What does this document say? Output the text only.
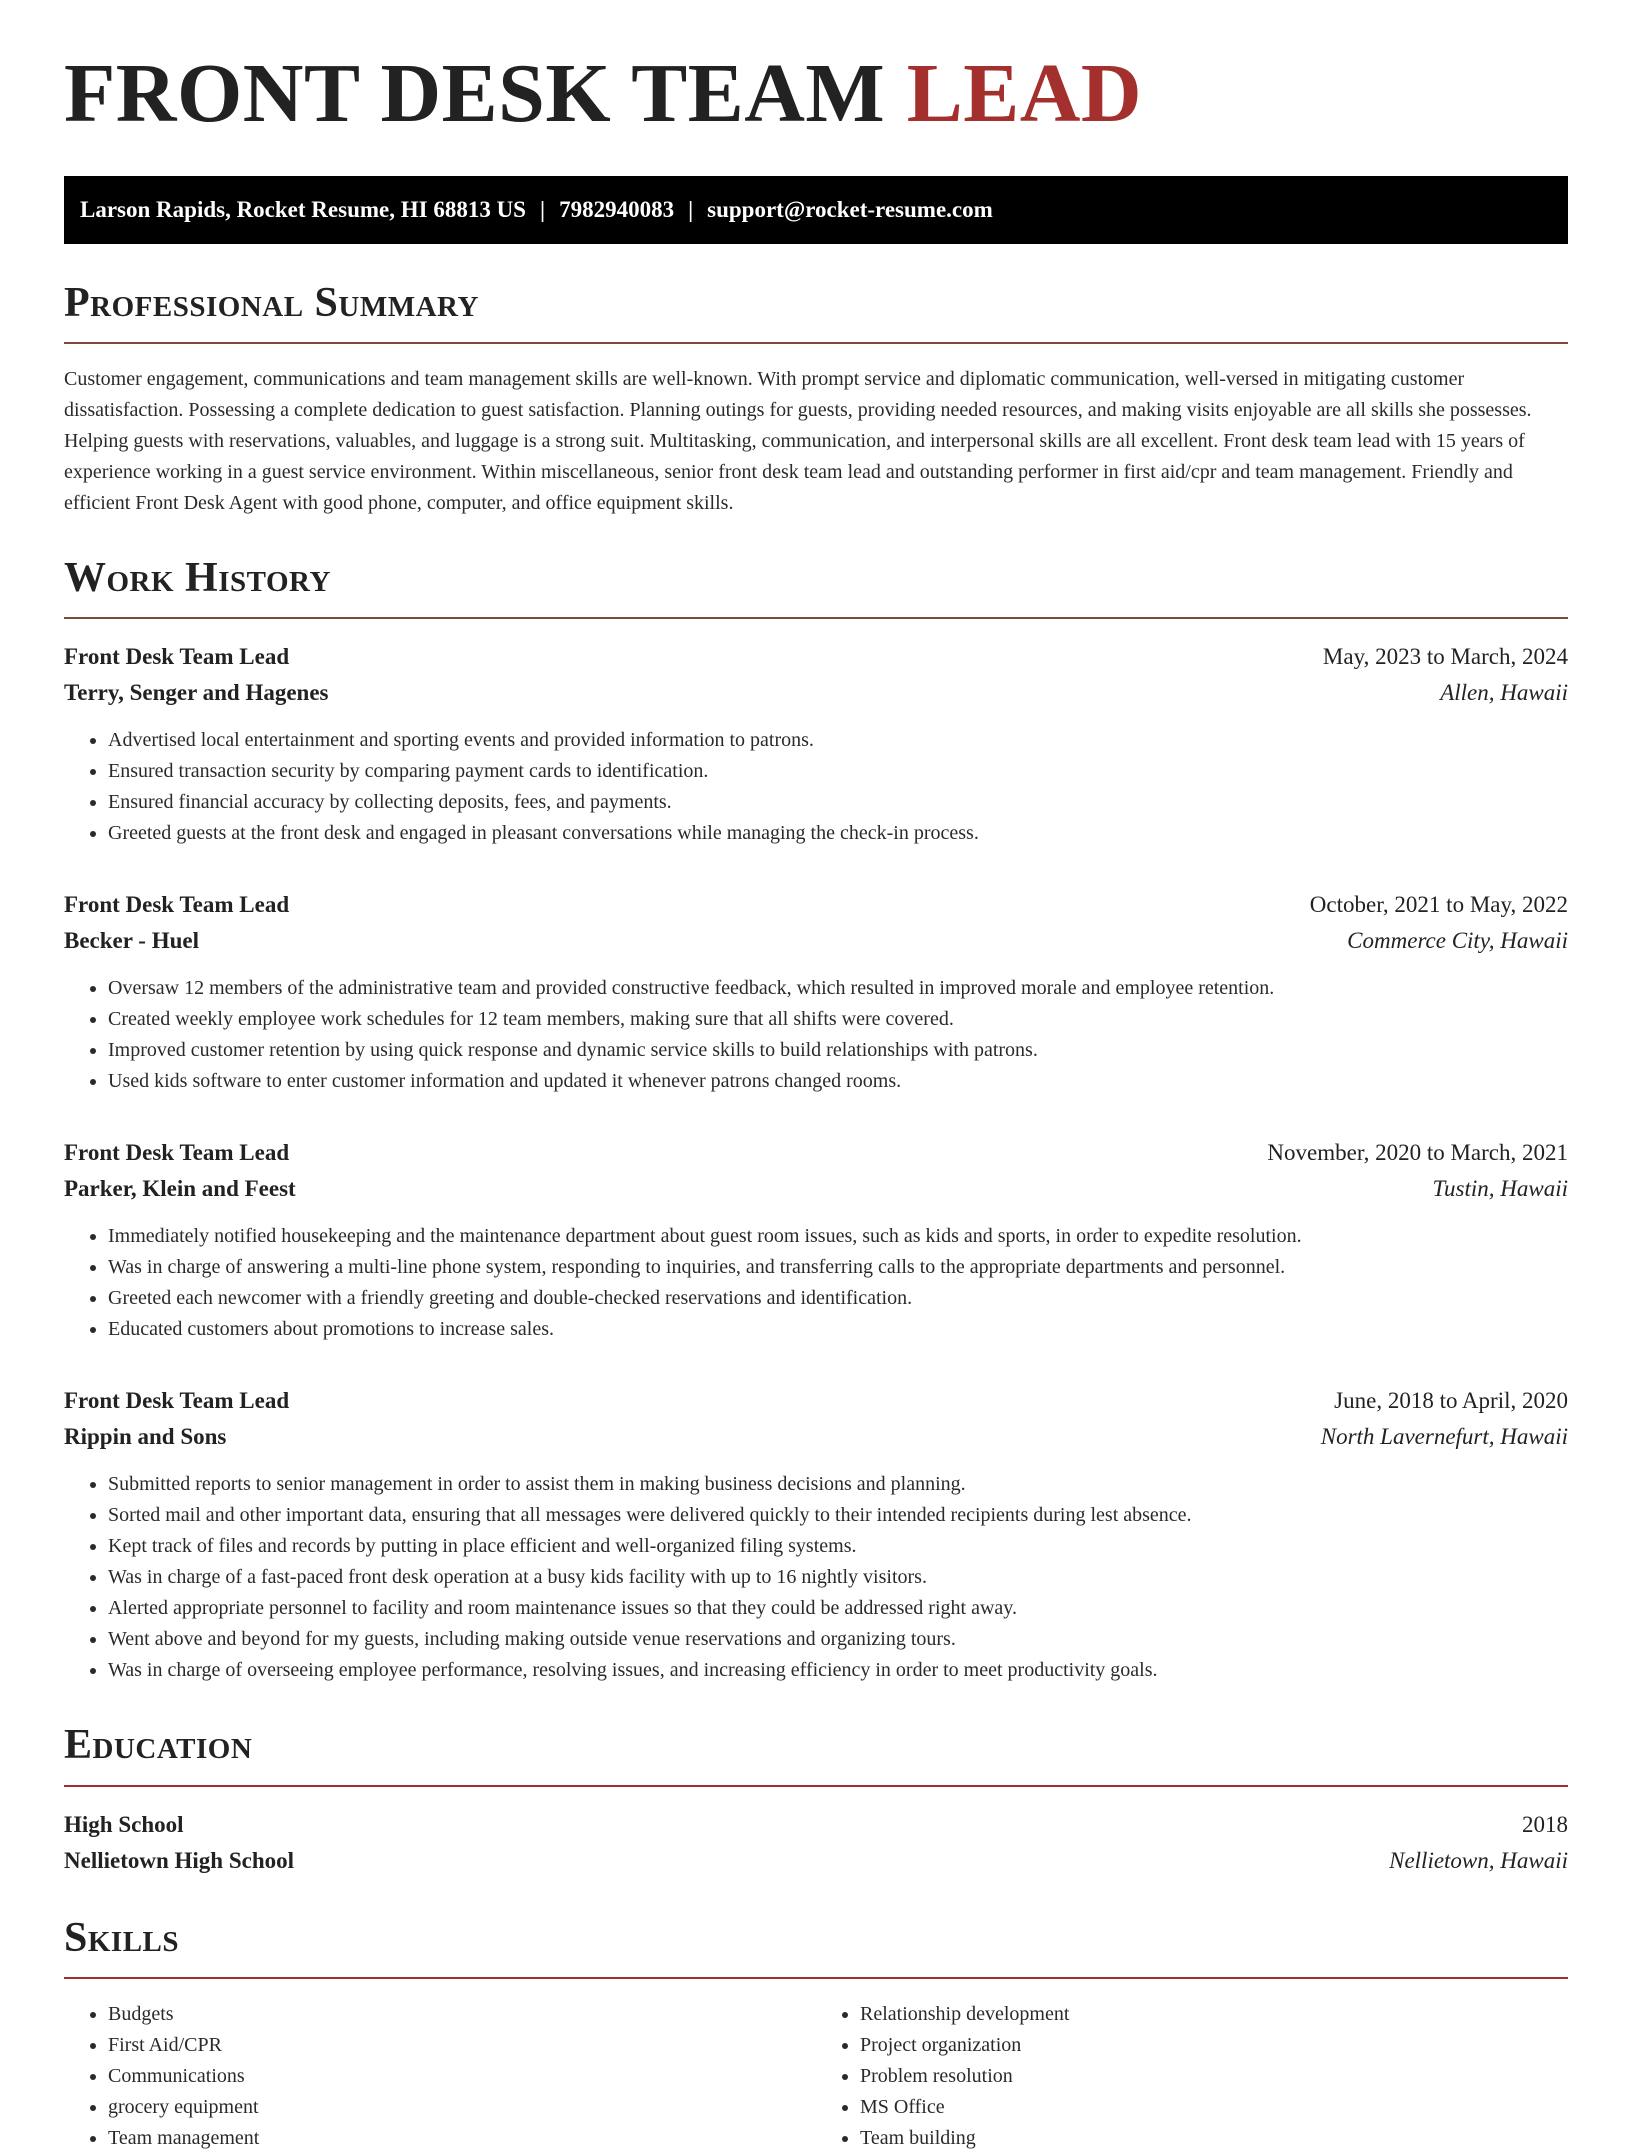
FRONT DESK TEAM LEAD
Larson Rapids, Rocket Resume, HI 68813 US | 7982940083 | support@rocket-resume.com
Professional Summary

Customer engagement, communications and team management skills are well-known. With prompt service and diplomatic communication, well-versed in mitigating customer dissatisfaction. Possessing a complete dedication to guest satisfaction. Planning outings for guests, providing needed resources, and making visits enjoyable are all skills she possesses. Helping guests with reservations, valuables, and luggage is a strong suit. Multitasking, communication, and interpersonal skills are all excellent. Front desk team lead with 15 years of experience working in a guest service environment. Within miscellaneous, senior front desk team lead and outstanding performer in first aid/cpr and team management. Friendly and efficient Front Desk Agent with good phone, computer, and office equipment skills.

Work History
Front Desk Team Lead	May, 2023 to March, 2024
Terry, Senger and Hagenes	Allen, Hawaii
• Advertised local entertainment and sporting events and provided information to patrons.
• Ensured transaction security by comparing payment cards to identification.
• Ensured financial accuracy by collecting deposits, fees, and payments.
• Greeted guests at the front desk and engaged in pleasant conversations while managing the check-in process.
Front Desk Team Lead	October, 2021 to May, 2022
Becker - Huel	Commerce City, Hawaii
• Oversaw 12 members of the administrative team and provided constructive feedback, which resulted in improved morale and employee retention.
• Created weekly employee work schedules for 12 team members, making sure that all shifts were covered.
• Improved customer retention by using quick response and dynamic service skills to build relationships with patrons.
• Used kids software to enter customer information and updated it whenever patrons changed rooms.
Front Desk Team Lead	November, 2020 to March, 2021
Parker, Klein and Feest	Tustin, Hawaii
• Immediately notified housekeeping and the maintenance department about guest room issues, such as kids and sports, in order to expedite resolution.
• Was in charge of answering a multi-line phone system, responding to inquiries, and transferring calls to the appropriate departments and personnel.
• Greeted each newcomer with a friendly greeting and double-checked reservations and identification.
• Educated customers about promotions to increase sales.
Front Desk Team Lead	June, 2018 to April, 2020
Rippin and Sons	North Lavernefurt, Hawaii
• Submitted reports to senior management in order to assist them in making business decisions and planning.
• Sorted mail and other important data, ensuring that all messages were delivered quickly to their intended recipients during lest absence.
• Kept track of files and records by putting in place efficient and well-organized filing systems.
• Was in charge of a fast-paced front desk operation at a busy kids facility with up to 16 nightly visitors.
• Alerted appropriate personnel to facility and room maintenance issues so that they could be addressed right away.
• Went above and beyond for my guests, including making outside venue reservations and organizing tours.
• Was in charge of overseeing employee performance, resolving issues, and increasing efficiency in order to meet productivity goals.
Education
High School	2018
Nellietown High School	Nellietown, Hawaii
Skills
• Budgets
• First Aid/CPR
• Communications
• grocery equipment
• Team management
• Relationship development
• Project organization
• Problem resolution
• MS Office
• Team building
